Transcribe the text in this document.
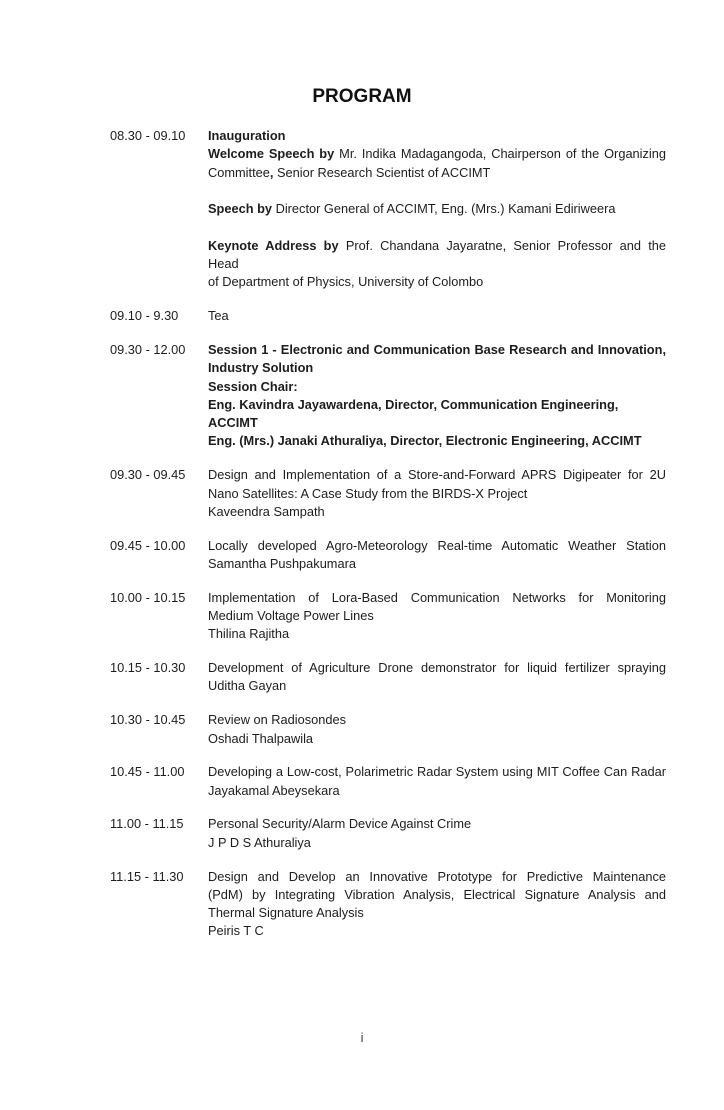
PROGRAM
08.30 - 09.10	Inauguration
Welcome Speech by Mr. Indika Madagangoda, Chairperson of the Organizing
Committee, Senior Research Scientist of ACCIMT

Speech by Director General of ACCIMT, Eng. (Mrs.) Kamani Ediriweera

Keynote Address by Prof. Chandana Jayaratne, Senior Professor and the Head
of Department of Physics, University of Colombo
09.10 - 9.30	Tea
09.30 - 12.00	Session 1 - Electronic and Communication Base Research and Innovation,
Industry Solution
Session Chair:
Eng. Kavindra Jayawardena, Director, Communication Engineering, ACCIMT
Eng. (Mrs.) Janaki Athuraliya, Director, Electronic Engineering, ACCIMT
09.30 - 09.45	Design and Implementation of a Store-and-Forward APRS Digipeater for 2U
Nano Satellites: A Case Study from the BIRDS-X Project
Kaveendra Sampath
09.45 - 10.00	Locally developed Agro-Meteorology Real-time Automatic Weather Station
Samantha Pushpakumara
10.00 - 10.15	Implementation of Lora-Based Communication Networks for Monitoring
Medium Voltage Power Lines
Thilina Rajitha
10.15 - 10.30	Development of Agriculture Drone demonstrator for liquid fertilizer spraying
Uditha Gayan
10.30 - 10.45	Review on Radiosondes
Oshadi Thalpawila
10.45 - 11.00	Developing a Low-cost, Polarimetric Radar System using MIT Coffee Can Radar
Jayakamal Abeysekara
11.00 - 11.15	Personal Security/Alarm Device Against Crime
J P D S Athuraliya
11.15 - 11.30	Design and Develop an Innovative Prototype for Predictive Maintenance
(PdM) by Integrating Vibration Analysis, Electrical Signature Analysis and
Thermal Signature Analysis
Peiris T C
i
